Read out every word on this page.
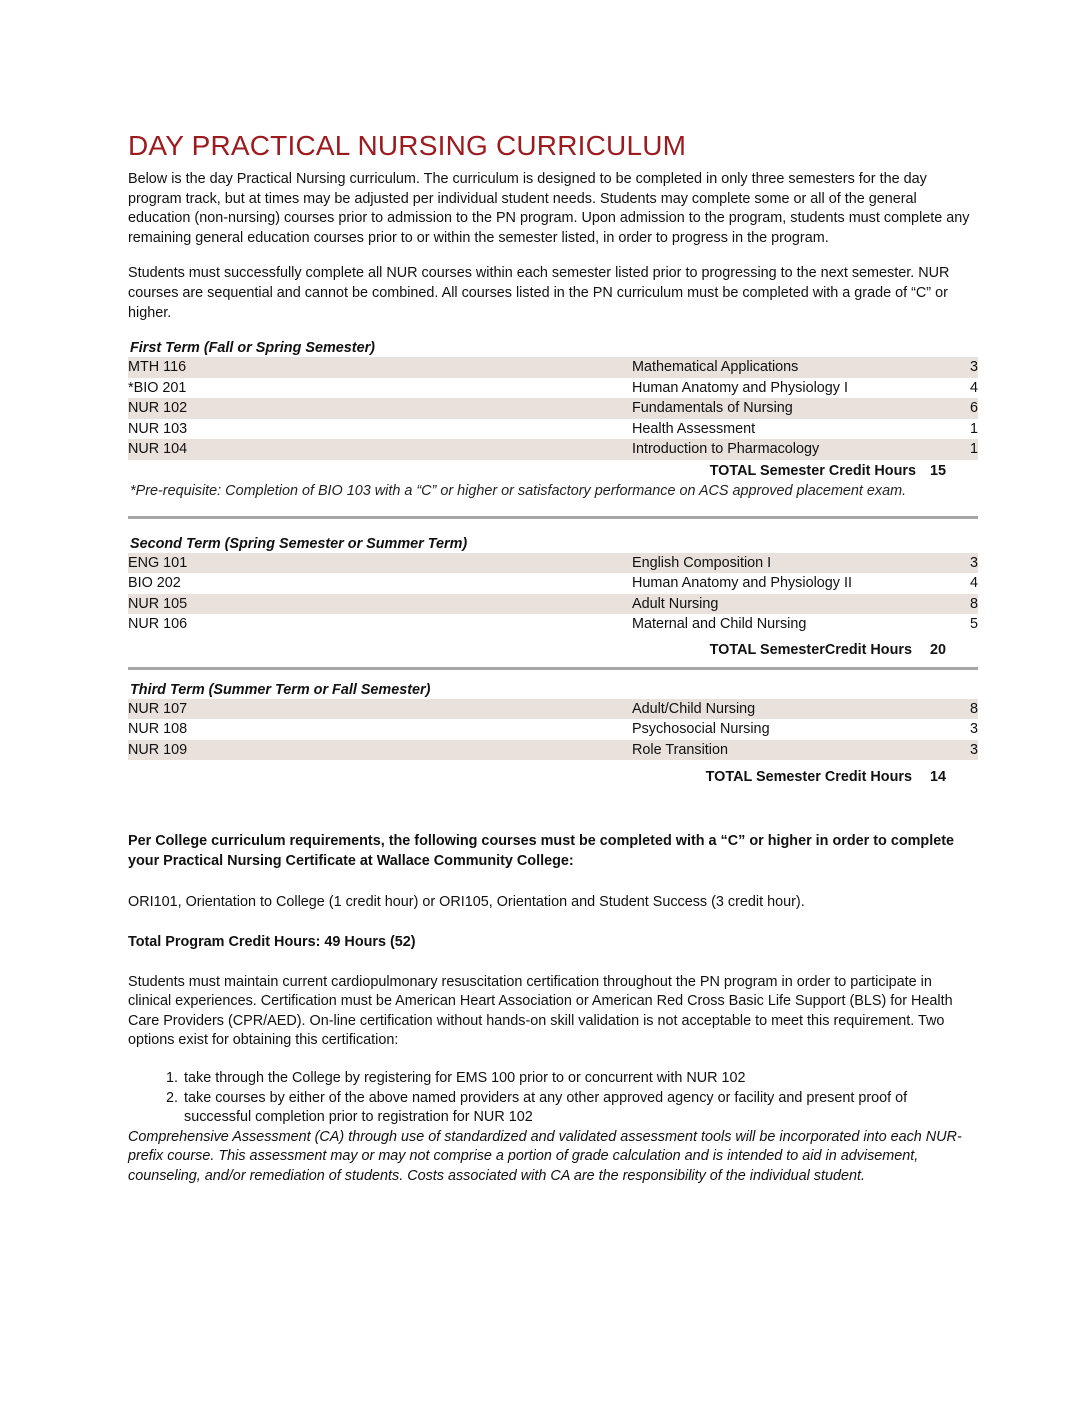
DAY PRACTICAL NURSING CURRICULUM

Below is the day Practical Nursing curriculum. The curriculum is designed to be completed in only three semesters for the day program track, but at times may be adjusted per individual student needs. Students may complete some or all of the general education (non-nursing) courses prior to admission to the PN program. Upon admission to the program, students must complete any remaining general education courses prior to or within the semester listed, in order to progress in the program.

Students must successfully complete all NUR courses within each semester listed prior to progressing to the next semester. NUR courses are sequential and cannot be combined. All courses listed in the PN curriculum must be completed with a grade of “C” or higher.

First Term (Fall or Spring Semester)
MTH 116	Mathematical Applications	3
*BIO 201	Human Anatomy and Physiology I	4
NUR 102	Fundamentals of Nursing	6
NUR 103	Health Assessment	1
NUR 104	Introduction to Pharmacology	1
TOTAL Semester Credit Hours 15

*Pre-requisite: Completion of BIO 103 with a “C” or higher or satisfactory performance on ACS approved placement exam.

Second Term (Spring Semester or Summer Term)
ENG 101	English Composition I	3
BIO 202	Human Anatomy and Physiology II	4
NUR 105	Adult Nursing	8
NUR 106	Maternal and Child Nursing	5
TOTAL SemesterCredit Hours 20
Third Term (Summer Term or Fall Semester)
NUR 107	Adult/Child Nursing	8
NUR 108	Psychosocial Nursing	3
NUR 109	Role Transition	3
TOTAL Semester Credit Hours 14

Per College curriculum requirements, the following courses must be completed with a “C” or higher in order to complete your Practical Nursing Certificate at Wallace Community College:

ORI101, Orientation to College (1 credit hour) or ORI105, Orientation and Student Success (3 credit hour).

Total Program Credit Hours: 49 Hours (52)

Students must maintain current cardiopulmonary resuscitation certification throughout the PN program in order to participate in clinical experiences. Certification must be American Heart Association or American Red Cross Basic Life Support (BLS) for Health Care Providers (CPR/AED). On-line certification without hands-on skill validation is not acceptable to meet this requirement. Two options exist for obtaining this certification:

1. take through the College by registering for EMS 100 prior to or concurrent with NUR 102
2. take courses by either of the above named providers at any other approved agency or facility and present proof of successful completion prior to registration for NUR 102

Comprehensive Assessment (CA) through use of standardized and validated assessment tools will be incorporated into each NUR-prefix course. This assessment may or may not comprise a portion of grade calculation and is intended to aid in advisement, counseling, and/or remediation of students. Costs associated with CA are the responsibility of the individual student.
